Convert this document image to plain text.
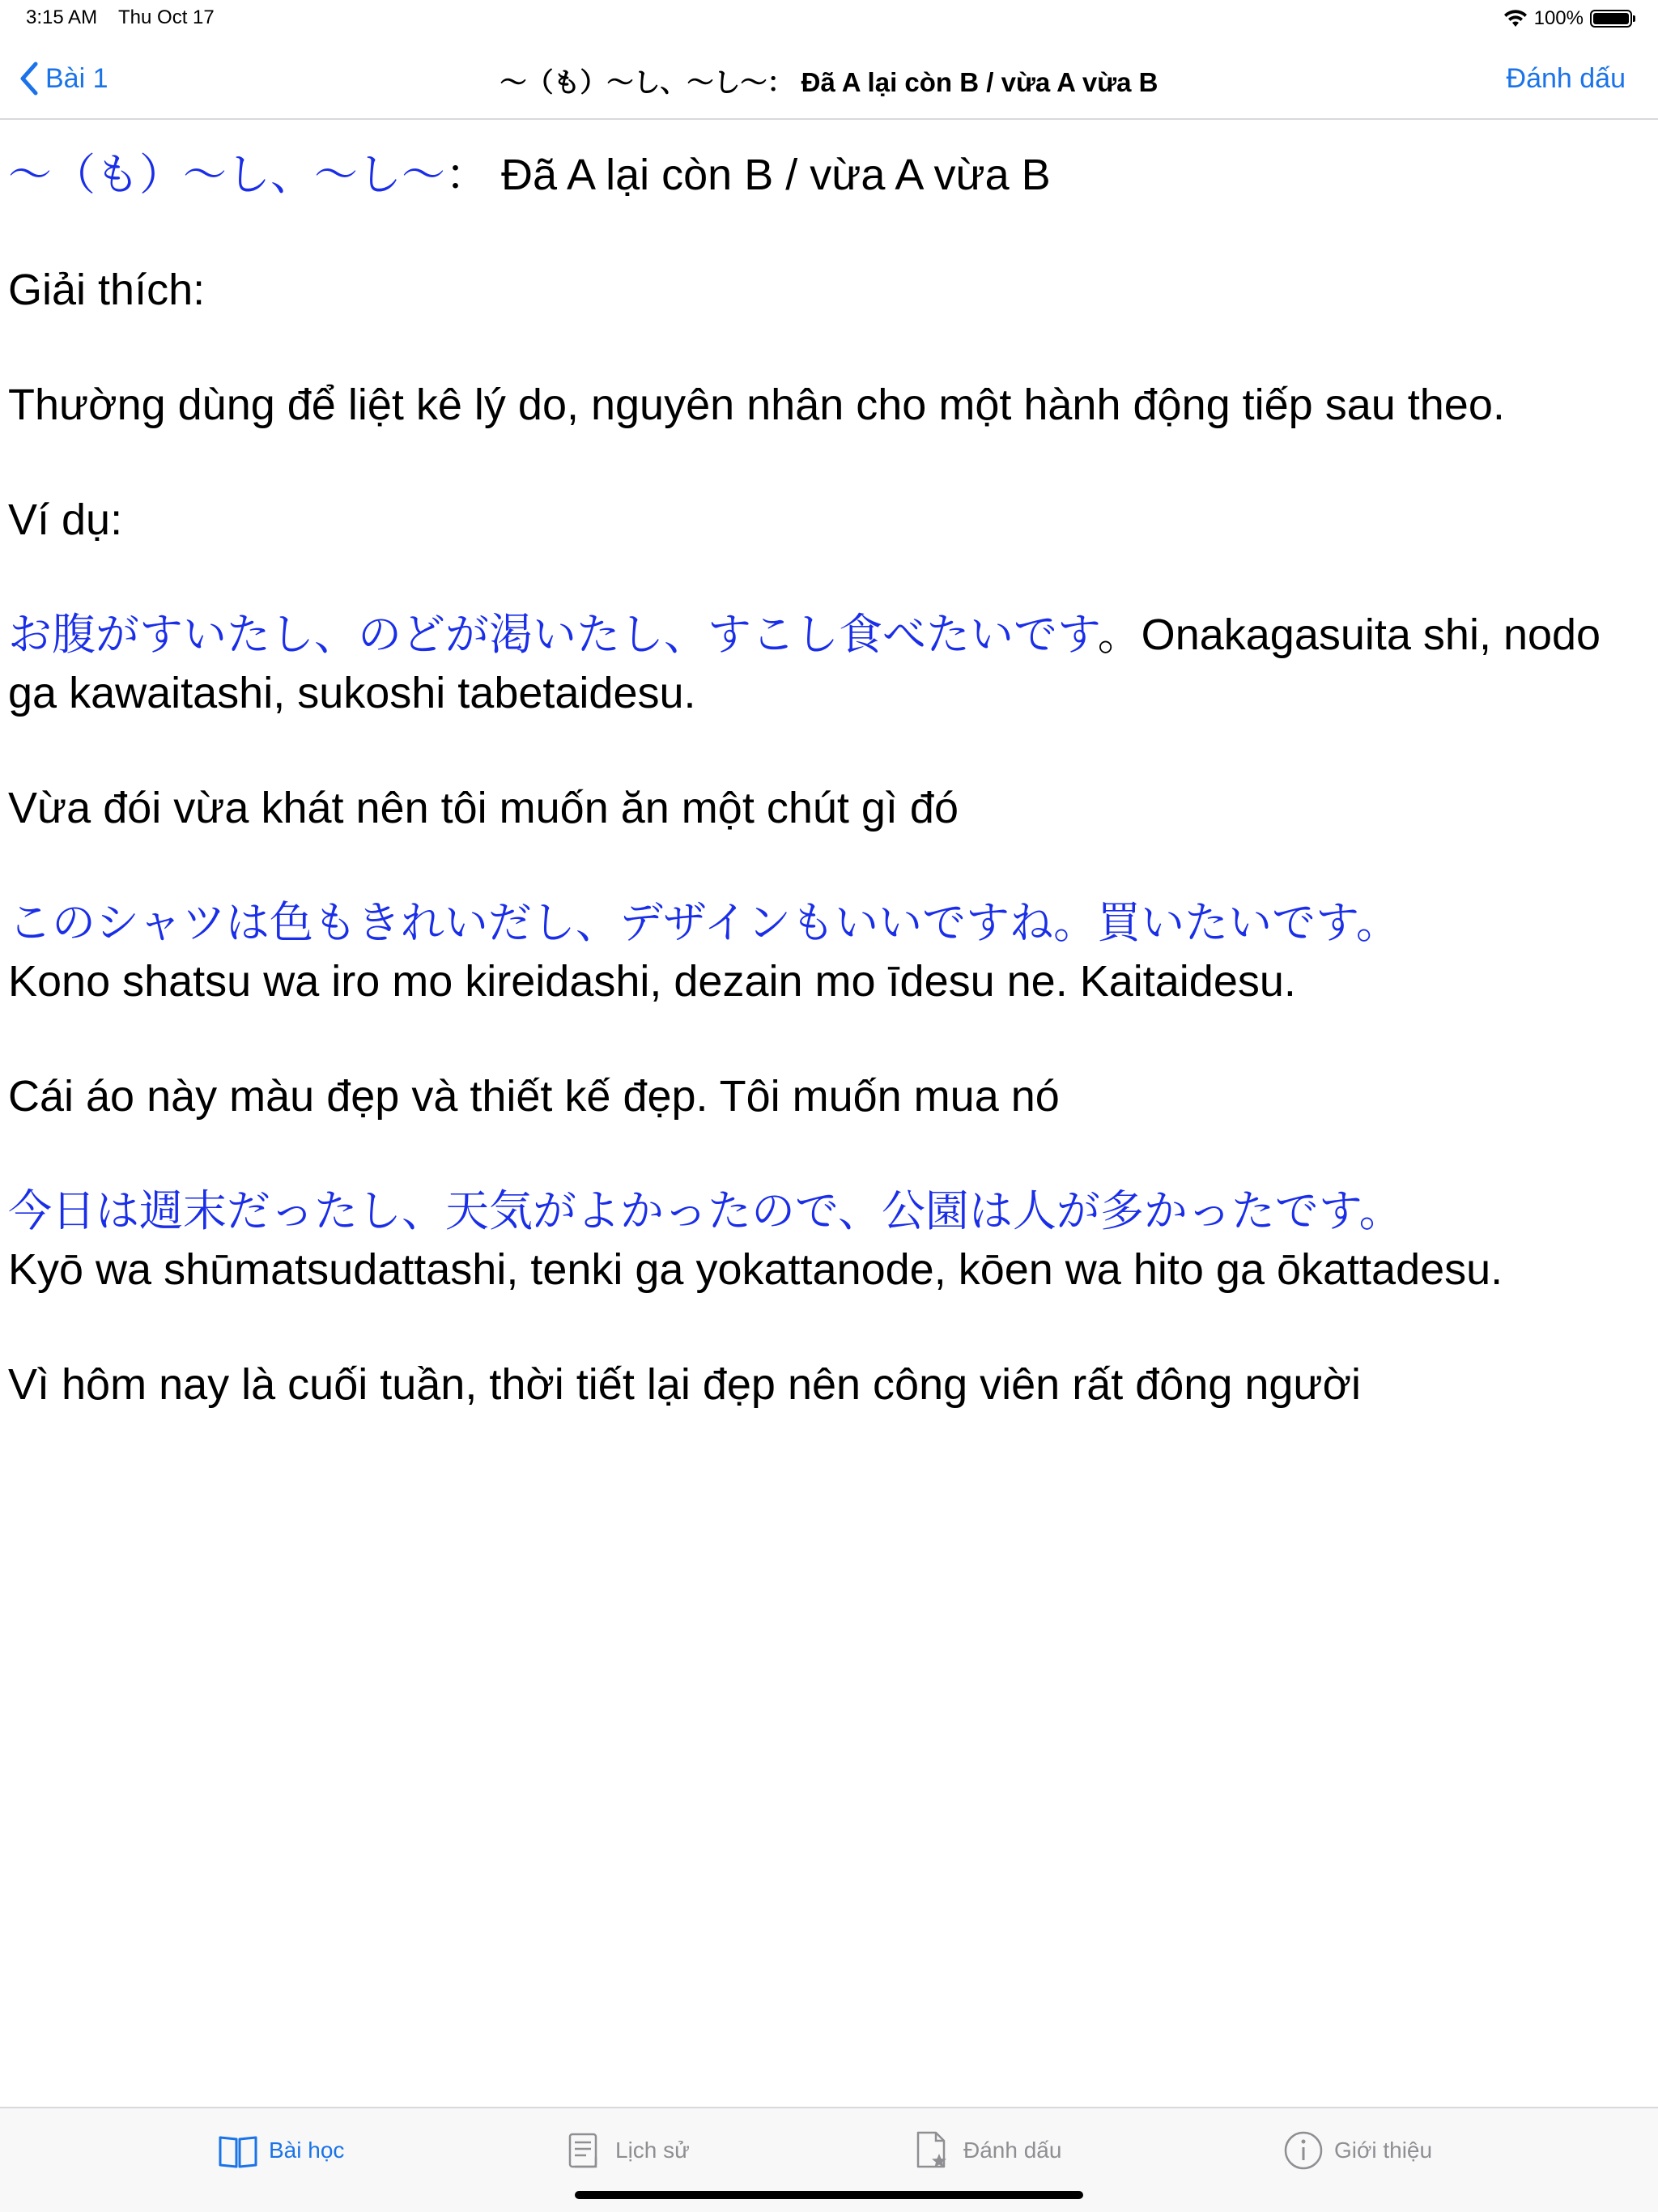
3:15 AM Thu Oct 17	100%
Bài 1	～（も）～し、～し～： Đã A lại còn B / vừa A vừa B	Đánh dấu

～（も）～し、～し～： Đã A lại còn B / vừa A vừa B

Giải thích:

Thường dùng để liệt kê lý do, nguyên nhân cho một hành động tiếp sau theo.

Ví dụ:

お腹がすいたし、のどが渇いたし、すこし食べたいです。Onakagasuita shi, nodo ga kawaitashi, sukoshi tabetaidesu.

Vừa đói vừa khát nên tôi muốn ăn một chút gì đó

このシャツは色もきれいだし、デザインもいいですね。買いたいです。
Kono shatsu wa iro mo kireidashi, dezain mo īdesu ne. Kaitaidesu.

Cái áo này màu đẹp và thiết kế đẹp. Tôi muốn mua nó

今日は週末だったし、天気がよかったので、公園は人が多かったです。
Kyō wa shūmatsudattashi, tenki ga yokattanode, kōen wa hito ga ōkattadesu.

Vì hôm nay là cuối tuần, thời tiết lại đẹp nên công viên rất đông người

Bài học	Lịch sử	Đánh dấu	Giới thiệu
